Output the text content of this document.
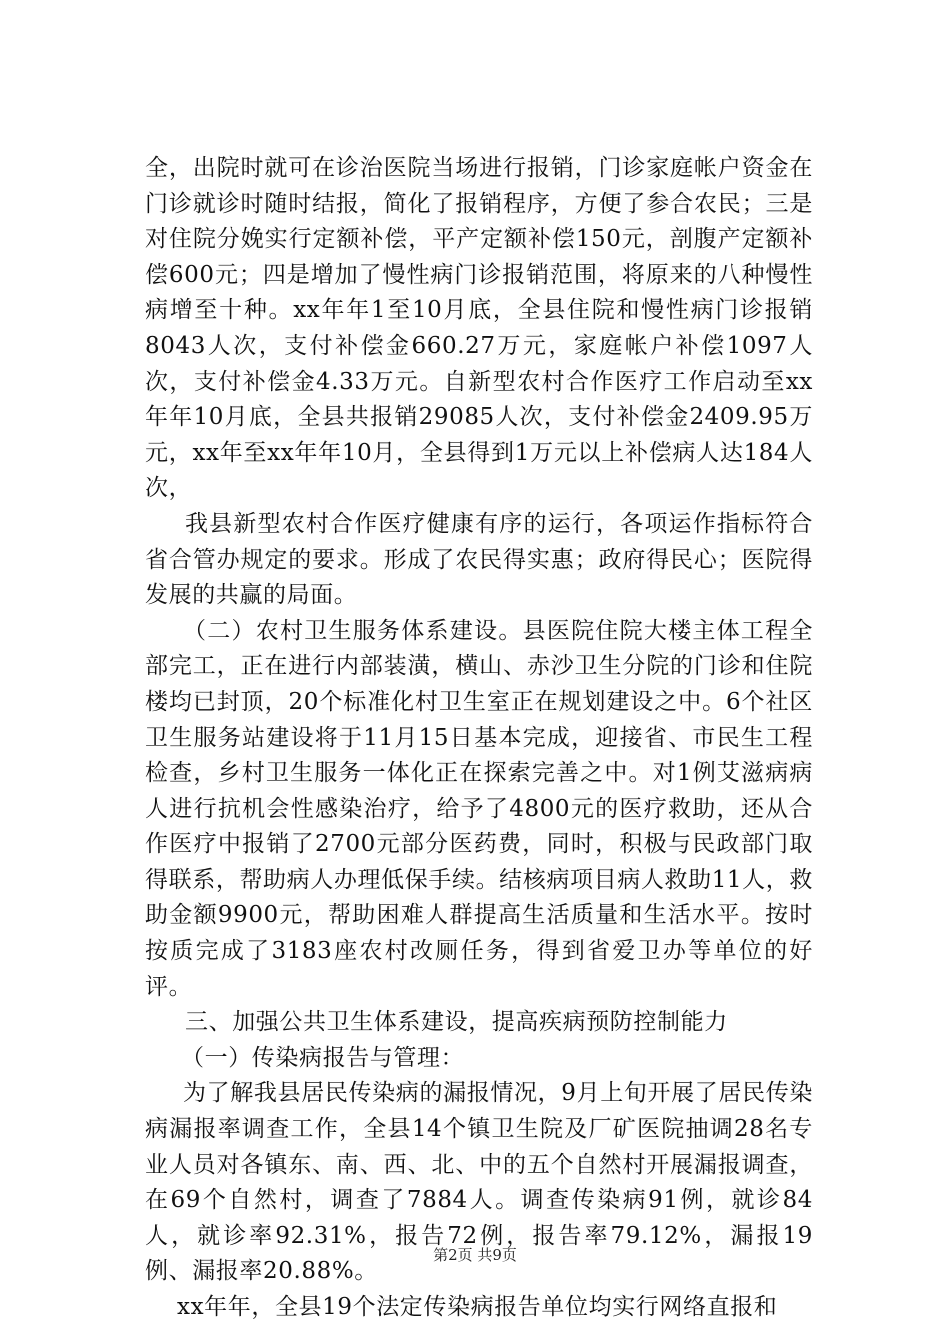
全，出院时就可在诊治医院当场进行报销，门诊家庭帐户资金在门诊就诊时随时结报，简化了报销程序，方便了参合农民；三是对住院分娩实行定额补偿，平产定额补偿150元，剖腹产定额补偿600元；四是增加了慢性病门诊报销范围，将原来的八种慢性病增至十种。xx年年1至10月底，全县住院和慢性病门诊报销8043人次，支付补偿金660.27万元，家庭帐户补偿1097人次，支付补偿金4.33万元。自新型农村合作医疗工作启动至xx年年10月底，全县共报销29085人次，支付补偿金2409.95万元，xx年至xx年年10月，全县得到1万元以上补偿病人达184人次，

我县新型农村合作医疗健康有序的运行，各项运作指标符合省合管办规定的要求。形成了农民得实惠；政府得民心；医院得发展的共赢的局面。

（二）农村卫生服务体系建设。县医院住院大楼主体工程全部完工，正在进行内部装潢，横山、赤沙卫生分院的门诊和住院楼均已封顶，20个标准化村卫生室正在规划建设之中。6个社区卫生服务站建设将于11月15日基本完成，迎接省、市民生工程检查，乡村卫生服务一体化正在探索完善之中。对1例艾滋病病人进行抗机会性感染治疗，给予了4800元的医疗救助，还从合作医疗中报销了2700元部分医药费，同时，积极与民政部门取得联系，帮助病人办理低保手续。结核病项目病人救助11人，救助金额9900元，帮助困难人群提高生活质量和生活水平。按时按质完成了3183座农村改厕任务，得到省爱卫办等单位的好评。

三、加强公共卫生体系建设，提高疾病预防控制能力

（一）传染病报告与管理：

为了解我县居民传染病的漏报情况，9月上旬开展了居民传染病漏报率调查工作，全县14个镇卫生院及厂矿医院抽调28名专业人员对各镇东、南、西、北、中的五个自然村开展漏报调查，在69个自然村，调查了7884人。调查传染病91例，就诊84人，就诊率92.31%，报告72例，报告率79.12%，漏报19例、漏报率20.88%。

xx年年，全县19个法定传染病报告单位均实行网络直报和

第2页 共9页
